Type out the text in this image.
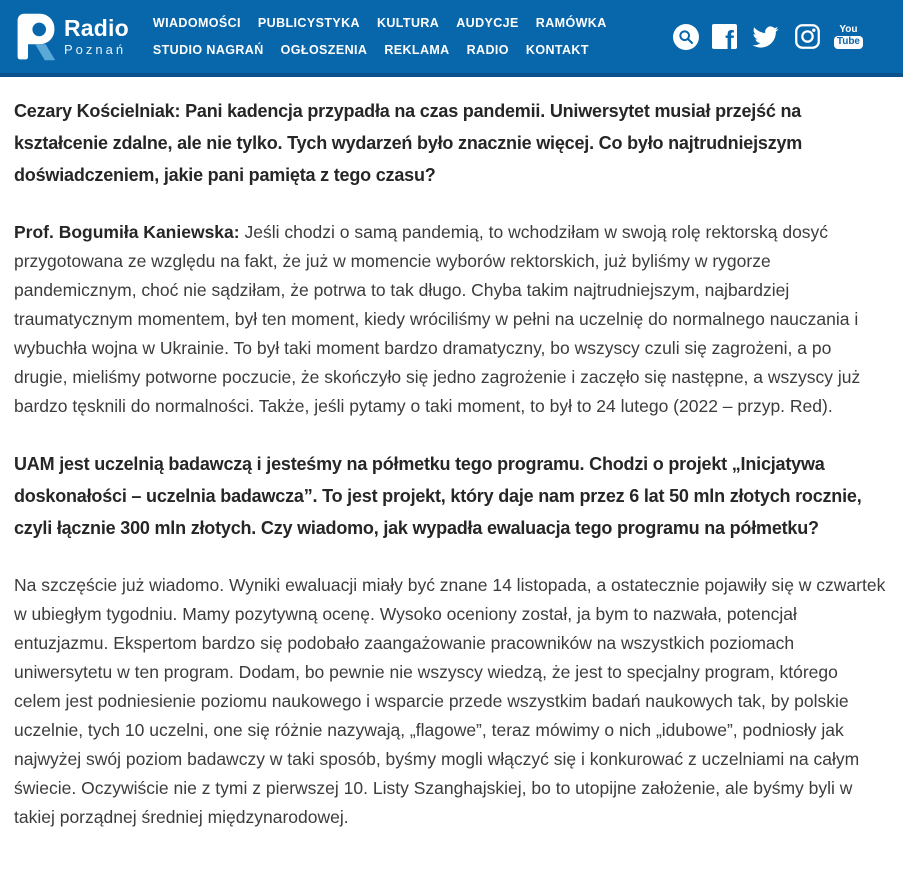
Radio
Poznań
WIADOMOŚCI PUBLICYSTYKA KULTURA AUDYCJE RAMÓWKA
STUDIO NAGRAŃ OGŁOSZENIA REKLAMA RADIO KONTAKT	f	You
Tube

Cezary Kościelniak: Pani kadencja przypadła na czas pandemii. Uniwersytet musiał przejść na kształcenie zdalne, ale nie tylko. Tych wydarzeń było znacznie więcej. Co było najtrudniejszym doświadczeniem, jakie pani pamięta z tego czasu?

Prof. Bogumiła Kaniewska: Jeśli chodzi o samą pandemią, to wchodziłam w swoją rolę rektorską dosyć przygotowana ze względu na fakt, że już w momencie wyborów rektorskich, już byliśmy w rygorze pandemicznym, choć nie sądziłam, że potrwa to tak długo. Chyba takim najtrudniejszym, najbardziej traumatycznym momentem, był ten moment, kiedy wróciliśmy w pełni na uczelnię do normalnego nauczania i wybuchła wojna w Ukrainie. To był taki moment bardzo dramatyczny, bo wszyscy czuli się zagrożeni, a po drugie, mieliśmy potworne poczucie, że skończyło się jedno zagrożenie i zaczęło się następne, a wszyscy już bardzo tęsknili do normalności. Także, jeśli pytamy o taki moment, to był to 24 lutego (2022 – przyp. Red).

UAM jest uczelnią badawczą i jesteśmy na półmetku tego programu. Chodzi o projekt „Inicjatywa doskonałości – uczelnia badawcza”. To jest projekt, który daje nam przez 6 lat 50 mln złotych rocznie, czyli łącznie 300 mln złotych. Czy wiadomo, jak wypadła ewaluacja tego programu na półmetku?

Na szczęście już wiadomo. Wyniki ewaluacji miały być znane 14 listopada, a ostatecznie pojawiły się w czwartek w ubiegłym tygodniu. Mamy pozytywną ocenę. Wysoko oceniony został, ja bym to nazwała, potencjał entuzjazmu. Ekspertom bardzo się podobało zaangażowanie pracowników na wszystkich poziomach uniwersytetu w ten program. Dodam, bo pewnie nie wszyscy wiedzą, że jest to specjalny program, którego celem jest podniesienie poziomu naukowego i wsparcie przede wszystkim badań naukowych tak, by polskie uczelnie, tych 10 uczelni, one się różnie nazywają, „flagowe”, teraz mówimy o nich „idubowe”, podniosły jak najwyżej swój poziom badawczy w taki sposób, byśmy mogli włączyć się i konkurować z uczelniami na całym świecie. Oczywiście nie z tymi z pierwszej 10. Listy Szanghajskiej, bo to utopijne założenie, ale byśmy byli w takiej porządnej średniej międzynarodowej.
